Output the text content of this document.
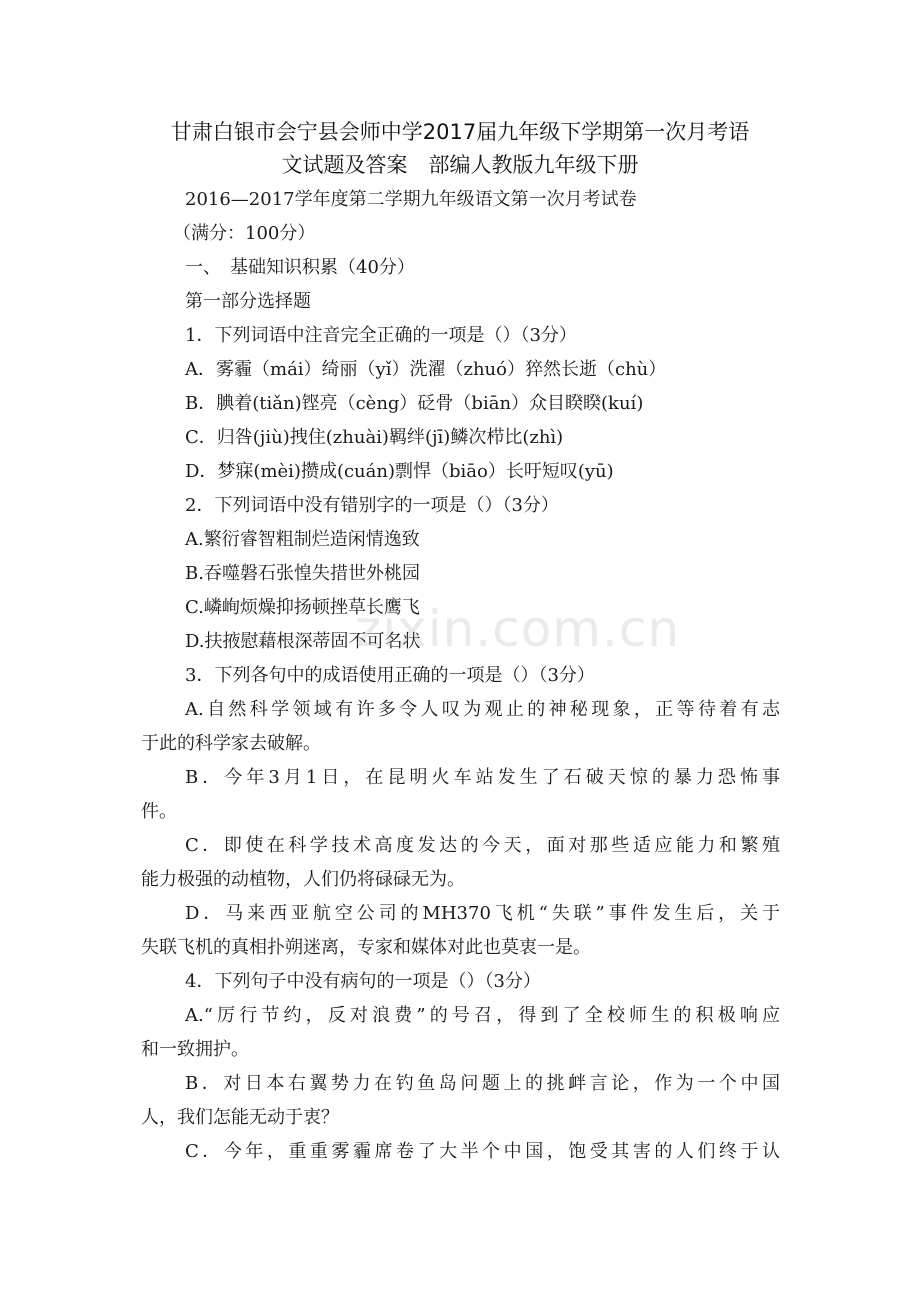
甘肃白银市会宁县会师中学2017届九年级下学期第一次月考语
文试题及答案　部编人教版九年级下册
2016—2017学年度第二学期九年级语文第一次月考试卷
（满分：100分）
一、　基础知识积累（40分）
第一部分选择题
1．下列词语中注音完全正确的一项是（）（3分）
A．雾霾（mái）绮丽（yǐ）洗濯（zhuó）猝然长逝（chù）
B．腆着(tiǎn)铿亮（cèng）砭骨（biān）众目睽睽(kuí)
C．归咎(jiù)拽住(zhuài)羁绊(jī)鳞次栉比(zhì)
D．梦寐(mèi)攒成(cuán)剽悍（biāo）长吁短叹(yū)
2．下列词语中没有错别字的一项是（）（3分）
A.繁衍睿智粗制烂造闲情逸致
B.吞噬磐石张惶失措世外桃园
C.嶙峋烦燥抑扬顿挫草长鹰飞
D.扶掖慰藉根深蒂固不可名状
3．下列各句中的成语使用正确的一项是（）（3分）
A.自然科学领域有许多令人叹为观止的神秘现象，正等待着有志
于此的科学家去破解。
B．今年3月1日，在昆明火车站发生了石破天惊的暴力恐怖事
件。
C．即使在科学技术高度发达的今天，面对那些适应能力和繁殖
能力极强的动植物，人们仍将碌碌无为。
D．马来西亚航空公司的MH370飞机“失联”事件发生后，关于
失联飞机的真相扑朔迷离，专家和媒体对此也莫衷一是。
4．下列句子中没有病句的一项是（）（3分）
A.“厉行节约，反对浪费”的号召，得到了全校师生的积极响应
和一致拥护。
B．对日本右翼势力在钓鱼岛问题上的挑衅言论，作为一个中国
人，我们怎能无动于衷？
C．今年，重重雾霾席卷了大半个中国，饱受其害的人们终于认
zixin.com.cn
